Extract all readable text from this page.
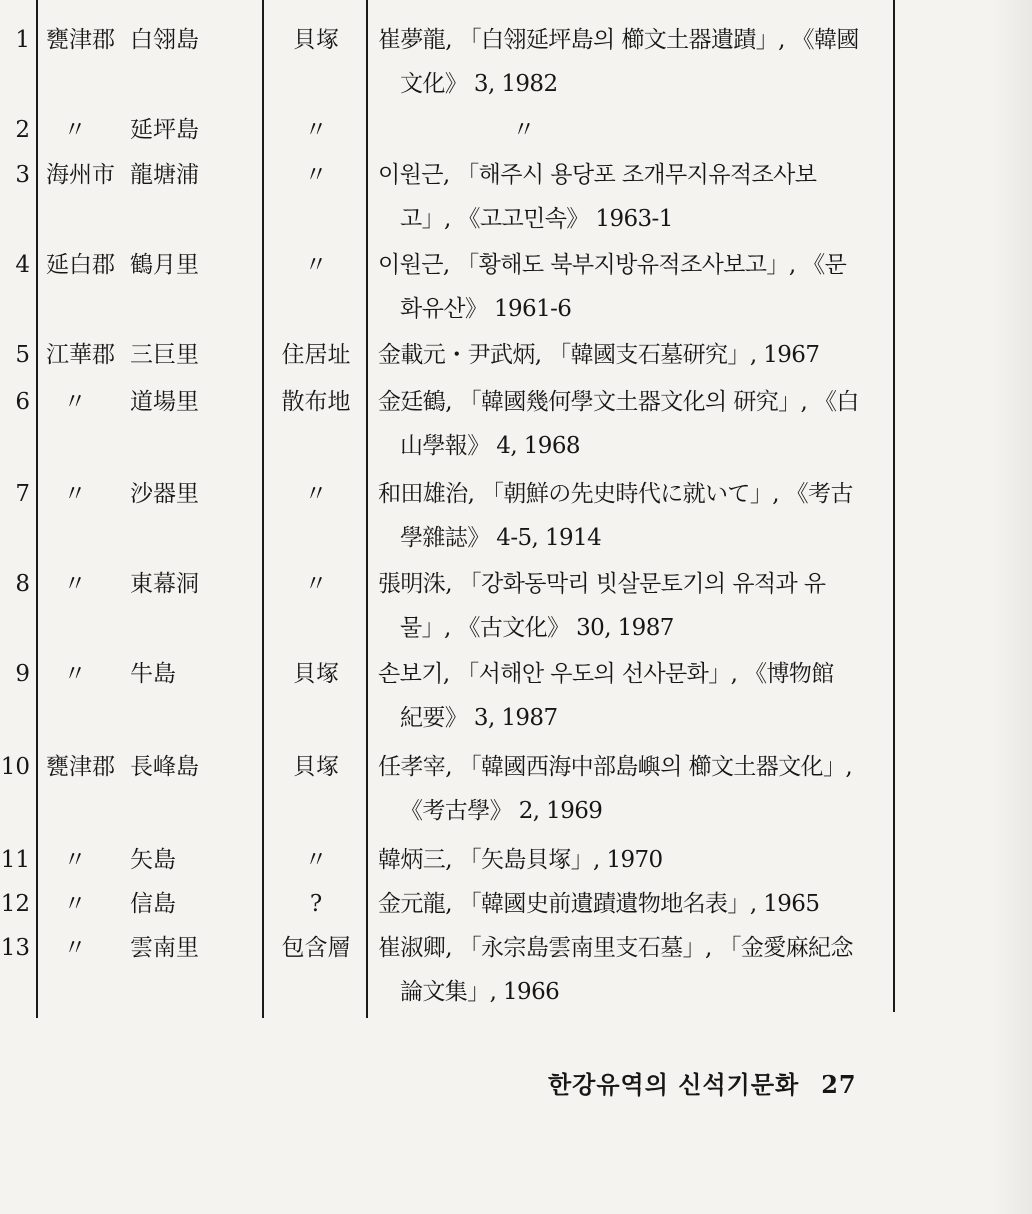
1 甕津郡 白翎島	貝塚	崔夢龍, 「白翎延坪島의 櫛文土器遺蹟」, 《韓國
文化》 3, 1982
2	〃	延坪島	〃	　　　　　　〃
3 海州市 龍塘浦	〃	이원근, 「해주시 용당포 조개무지유적조사보
고」, 《고고민속》 1963-1
4 延白郡 鶴月里	〃	이원근, 「황해도 북부지방유적조사보고」, 《문
화유산》 1961-6
5 江華郡 三巨里	住居址	金載元・尹武炳, 「韓國支石墓研究」, 1967
6	〃	道場里	散布地	金廷鶴, 「韓國幾何學文土器文化의 研究」, 《白
山學報》 4, 1968
7	〃	沙器里	〃	和田雄治, 「朝鮮の先史時代に就いて」, 《考古
學雜誌》 4-5, 1914
8	〃	東幕洞	〃	張明洙, 「강화동막리 빗살문토기의 유적과 유
물」, 《古文化》 30, 1987
9	〃	牛島	貝塚	손보기, 「서해안 우도의 선사문화」, 《博物館
紀要》 3, 1987
10 甕津郡 長峰島	貝塚	任孝宰, 「韓國西海中部島嶼의 櫛文土器文化」,
《考古學》 2, 1969
11	〃	矢島	〃	韓炳三, 「矢島貝塚」, 1970
12	〃	信島	?	金元龍, 「韓國史前遺蹟遺物地名表」, 1965
13	〃	雲南里	包含層	崔淑卿, 「永宗島雲南里支石墓」, 「金愛麻紀念
論文集」, 1966
한강유역의 신석기문화 27
